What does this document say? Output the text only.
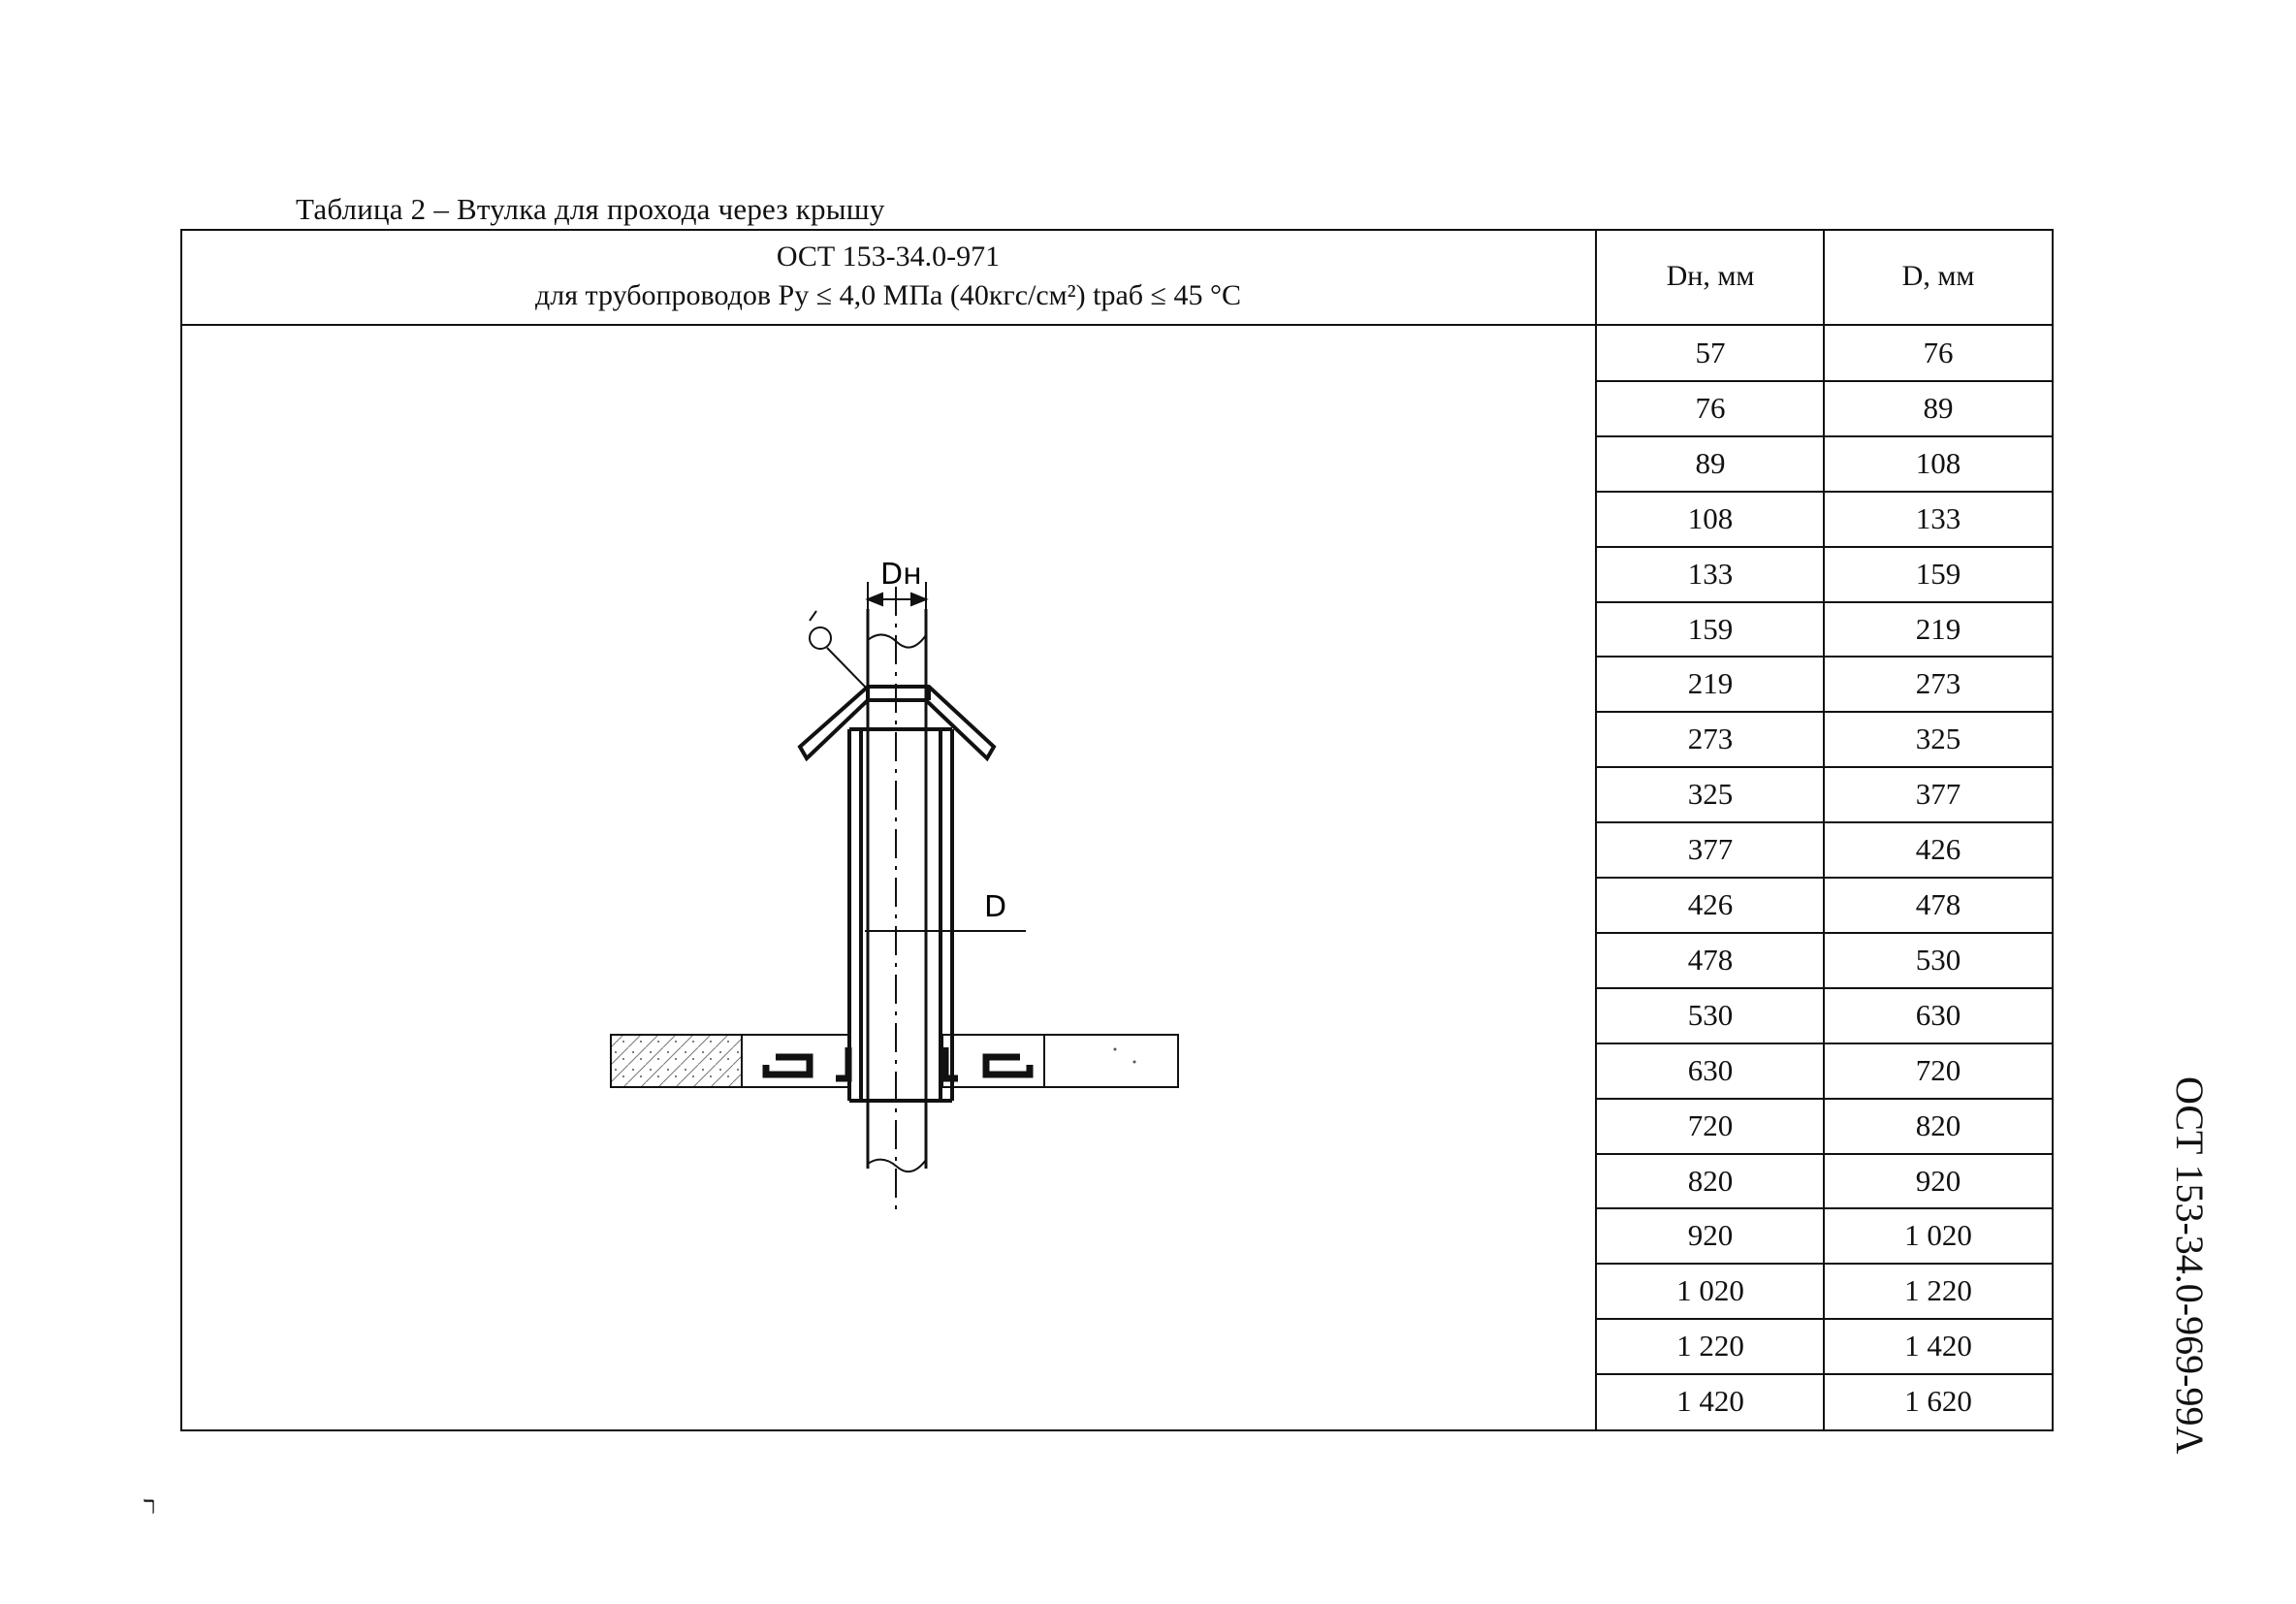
Таблица 2 – Втулка для прохода через крышу
ОСТ 153-34.0-971
для трубопроводов Ру ≤ 4,0 МПа (40кгс/см²) tраб ≤ 45 °С
Dн, мм	D, мм
57	76
76	89
89	108
108	133
133	159
159	219
219	273
273	325
325	377
377	426
426	478
478	530
530	630
630	720
720	820
820	920
920	1 020
1 020	1 220
1 220	1 420
1 420	1 620
Dн
D
ОСТ 153-34.0-969-99Λ
ר
